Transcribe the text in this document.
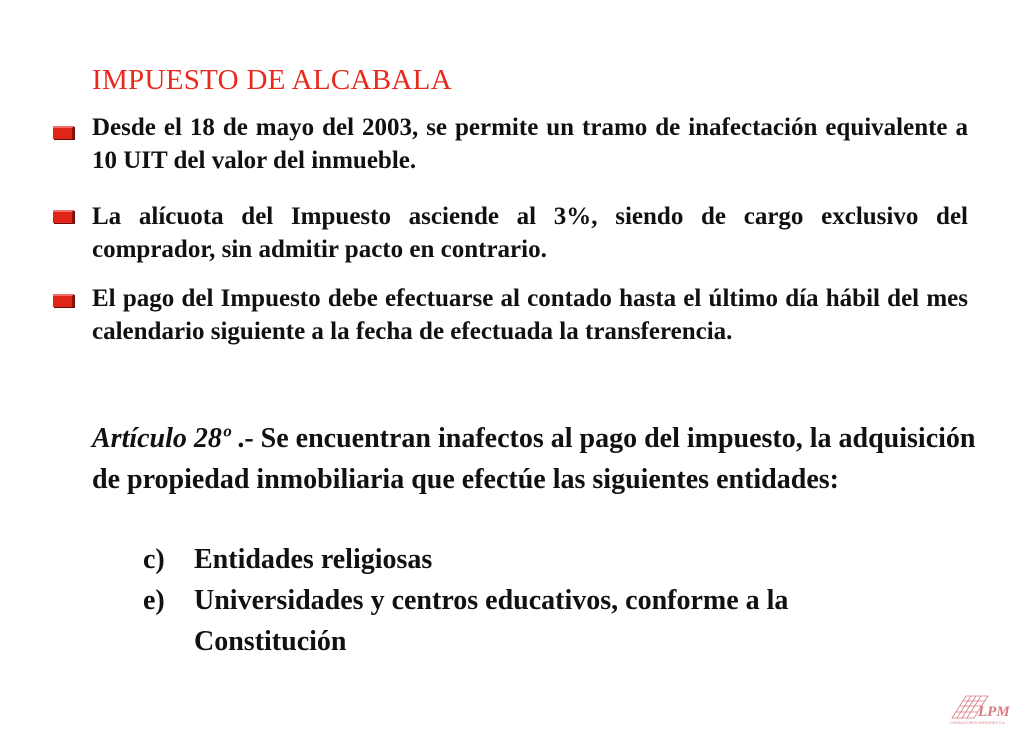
IMPUESTO DE ALCABALA
Desde el 18 de mayo del 2003, se permite un tramo de inafectación equivalente a 10 UIT del valor del inmueble.
La alícuota del Impuesto asciende al 3%, siendo de cargo exclusivo del comprador, sin admitir pacto en contrario.
El pago del Impuesto debe efectuarse al contado hasta el último día hábil del mes calendario siguiente a la fecha de efectuada la transferencia.
Artículo 28º .- Se encuentran inafectos al pago del impuesto, la adquisición de propiedad inmobiliaria que efectúe las siguientes entidades:
c) Entidades religiosas
e) Universidades y centros educativos, conforme a la
Constitución
LPM
CONSULTORES ASESORES S.A.
